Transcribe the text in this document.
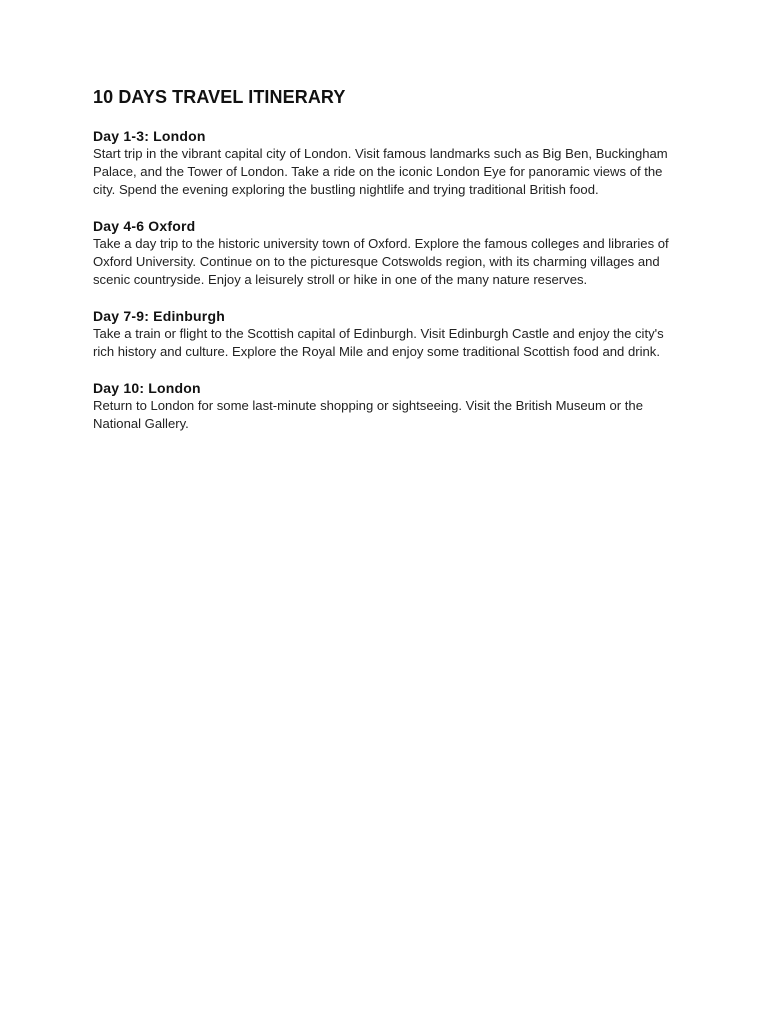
10 DAYS TRAVEL ITINERARY
Day 1-3: London

Start trip in the vibrant capital city of London. Visit famous landmarks such as Big Ben, Buckingham Palace, and the Tower of London. Take a ride on the iconic London Eye for panoramic views of the city. Spend the evening exploring the bustling nightlife and trying traditional British food.

Day 4-6 Oxford

Take a day trip to the historic university town of Oxford. Explore the famous colleges and libraries of Oxford University. Continue on to the picturesque Cotswolds region, with its charming villages and scenic countryside. Enjoy a leisurely stroll or hike in one of the many nature reserves.

Day 7-9: Edinburgh

Take a train or flight to the Scottish capital of Edinburgh. Visit Edinburgh Castle and enjoy the city's rich history and culture. Explore the Royal Mile and enjoy some traditional Scottish food and drink.

Day 10: London

Return to London for some last-minute shopping or sightseeing. Visit the British Museum or the National Gallery.
